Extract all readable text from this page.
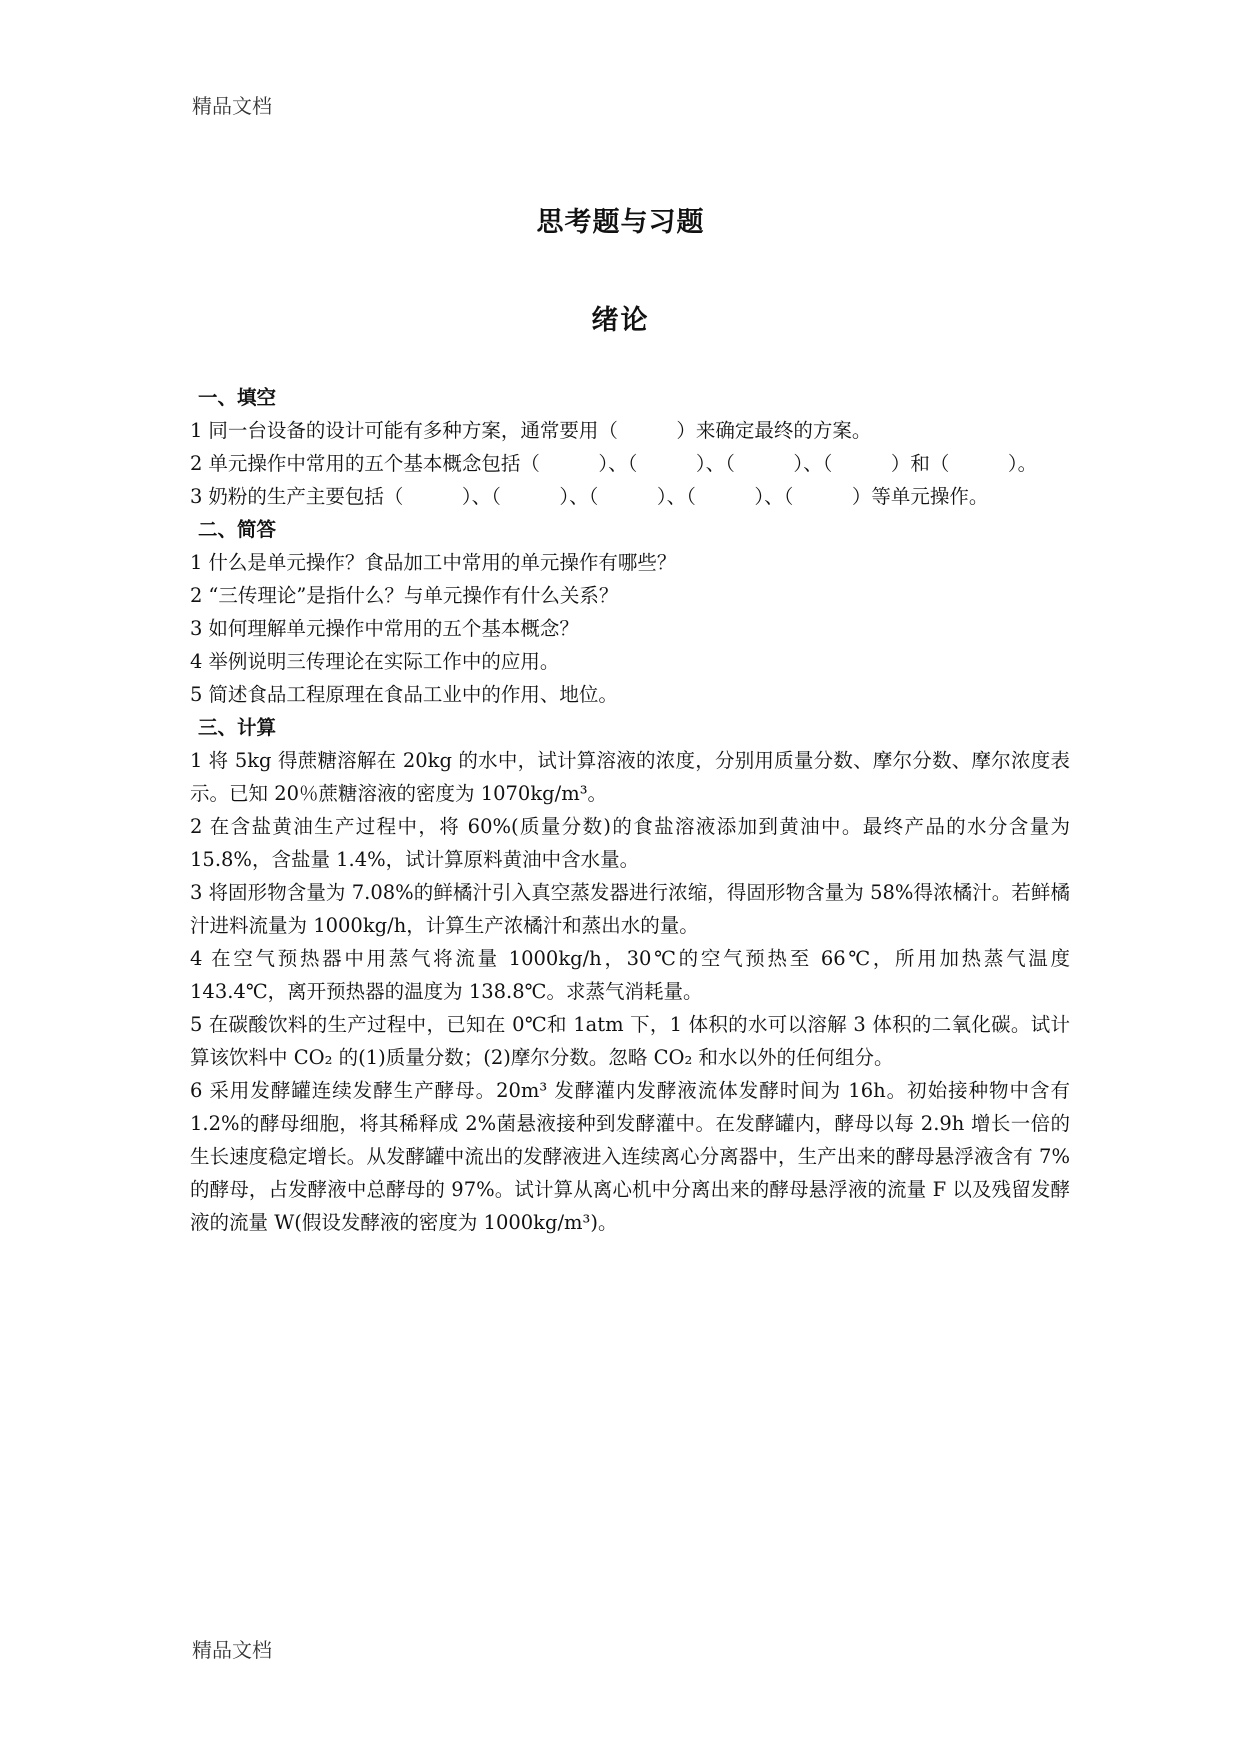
精品文档
思考题与习题
绪论
一、填空

1 同一台设备的设计可能有多种方案，通常要用（　　　）来确定最终的方案。

2 单元操作中常用的五个基本概念包括（　　　）、（　　　）、（　　　）、（　　　）和（　　　）。

3 奶粉的生产主要包括（　　　）、（　　　）、（　　　）、（　　　）、（　　　）等单元操作。

二、简答

1 什么是单元操作？食品加工中常用的单元操作有哪些？

2 “三传理论”是指什么？与单元操作有什么关系？

3 如何理解单元操作中常用的五个基本概念？

4 举例说明三传理论在实际工作中的应用。

5 简述食品工程原理在食品工业中的作用、地位。

三、计算

1 将 5kg 得蔗糖溶解在 20kg 的水中，试计算溶液的浓度，分别用质量分数、摩尔分数、摩尔浓度表示。已知 20％蔗糖溶液的密度为 1070kg/m³。

2 在含盐黄油生产过程中，将 60%(质量分数)的食盐溶液添加到黄油中。最终产品的水分含量为 15.8%，含盐量 1.4%，试计算原料黄油中含水量。

3 将固形物含量为 7.08%的鲜橘汁引入真空蒸发器进行浓缩，得固形物含量为 58%得浓橘汁。若鲜橘汁进料流量为 1000kg/h，计算生产浓橘汁和蒸出水的量。

4 在空气预热器中用蒸气将流量 1000kg/h，30℃的空气预热至 66℃，所用加热蒸气温度 143.4℃，离开预热器的温度为 138.8℃。求蒸气消耗量。

5 在碳酸饮料的生产过程中，已知在 0℃和 1atm 下，1 体积的水可以溶解 3 体积的二氧化碳。试计算该饮料中 CO₂ 的(1)质量分数；(2)摩尔分数。忽略 CO₂ 和水以外的任何组分。

6 采用发酵罐连续发酵生产酵母。20m³ 发酵灌内发酵液流体发酵时间为 16h。初始接种物中含有 1.2%的酵母细胞，将其稀释成 2%菌悬液接种到发酵灌中。在发酵罐内，酵母以每 2.9h 增长一倍的生长速度稳定增长。从发酵罐中流出的发酵液进入连续离心分离器中，生产出来的酵母悬浮液含有 7%的酵母，占发酵液中总酵母的 97%。试计算从离心机中分离出来的酵母悬浮液的流量 F 以及残留发酵液的流量 W(假设发酵液的密度为 1000kg/m³)。

精品文档
